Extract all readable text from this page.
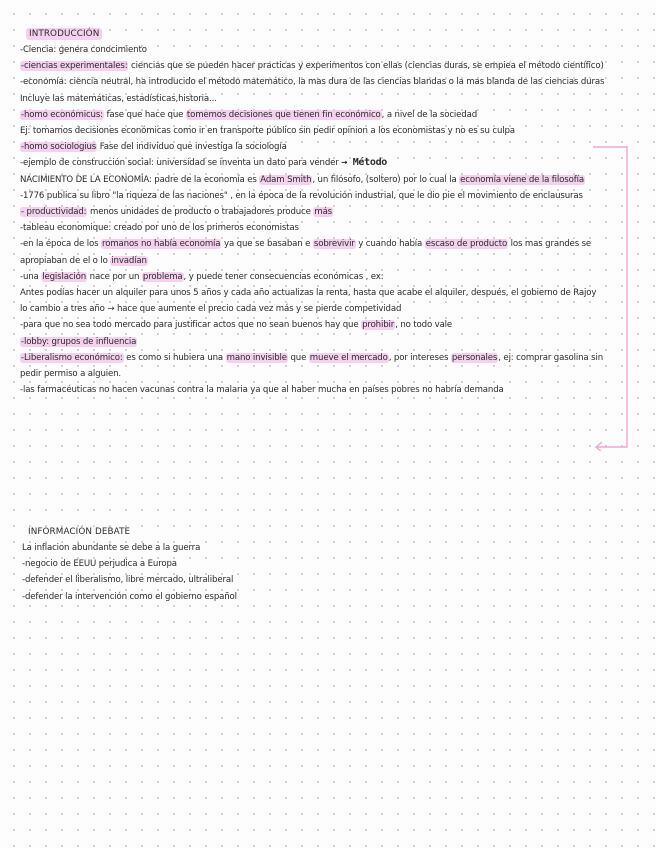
INTRODUCCIÓN
-Ciencia: genera conocimiento
-ciencias experimentales: ciencias que se pueden hacer practicas y experimentos con ellas (ciencias duras, se empiea el método científico)
-economía: ciencia neutral, ha introducido el método matemático, la mas dura de las ciencias blandas o la mas blanda de las ciencias duras
Incluye las matemáticas, estadísticas,historia...
-homo económicus: fase que hace que tomemos decisiones que tienen fin económico, a nivel de la sociedad
Ej: tomamos decisiones económicas como ir en transporte público sin pedir opinion a los economistas y no es su culpa
-homo sociologius Fase del individuo que investiga la sociología
-ejemplo de construcción social: universidad se inventa un dato para vender → Método
NACIMIENTO DE LA ECONOMÍA: padre de la economía es Adam Smith, un filósofo, (soltero) por lo cual la economía viene de la filosofía
-1776 publica su libro "la riqueza de las naciones" , en la época de la revolución industrial, que le dio pie el movimiento de enclausuras
- productividad: menos unidades de producto o trabajadores produce más
-tableau economique: creado por uno de los primeros economistas
-en la época de los romanos no había economía ya que se basaban e sobrevivir y cuando había escaso de producto los mas grandes se apropiaban de el o lo invadían
-una legislación nace por un problema, y puede tener consecuencias económicas , ex:
Antes podías hacer un alquiler para unos 5 años y cada año actualizas la renta, hasta que acabe el alquiler, después, el gobierno de Rajoy lo cambio a tres año → hace que aumente el precio cada vez más y se pierde competividad
-para que no sea todo mercado para justificar actos que no sean buenos hay que prohibir, no todo vale
-lobby: grupos de influencia
-Liberalismo económico: es como si hubiera una mano invisible que mueve el mercado, por intereses personales, ej: comprar gasolina sin pedir permiso a alguien.
-las farmacéuticas no hacen vacunas contra la malaria ya que al haber mucha en países pobres no habría demanda
INFORMACIÓN DEBATE
La inflacion abundante se debe a la guerra
-negocio de EEUU perjudica a Europa
-defender el liberalismo, libre mercado, ultraliberal
-defender la intervención como el gobierno español
